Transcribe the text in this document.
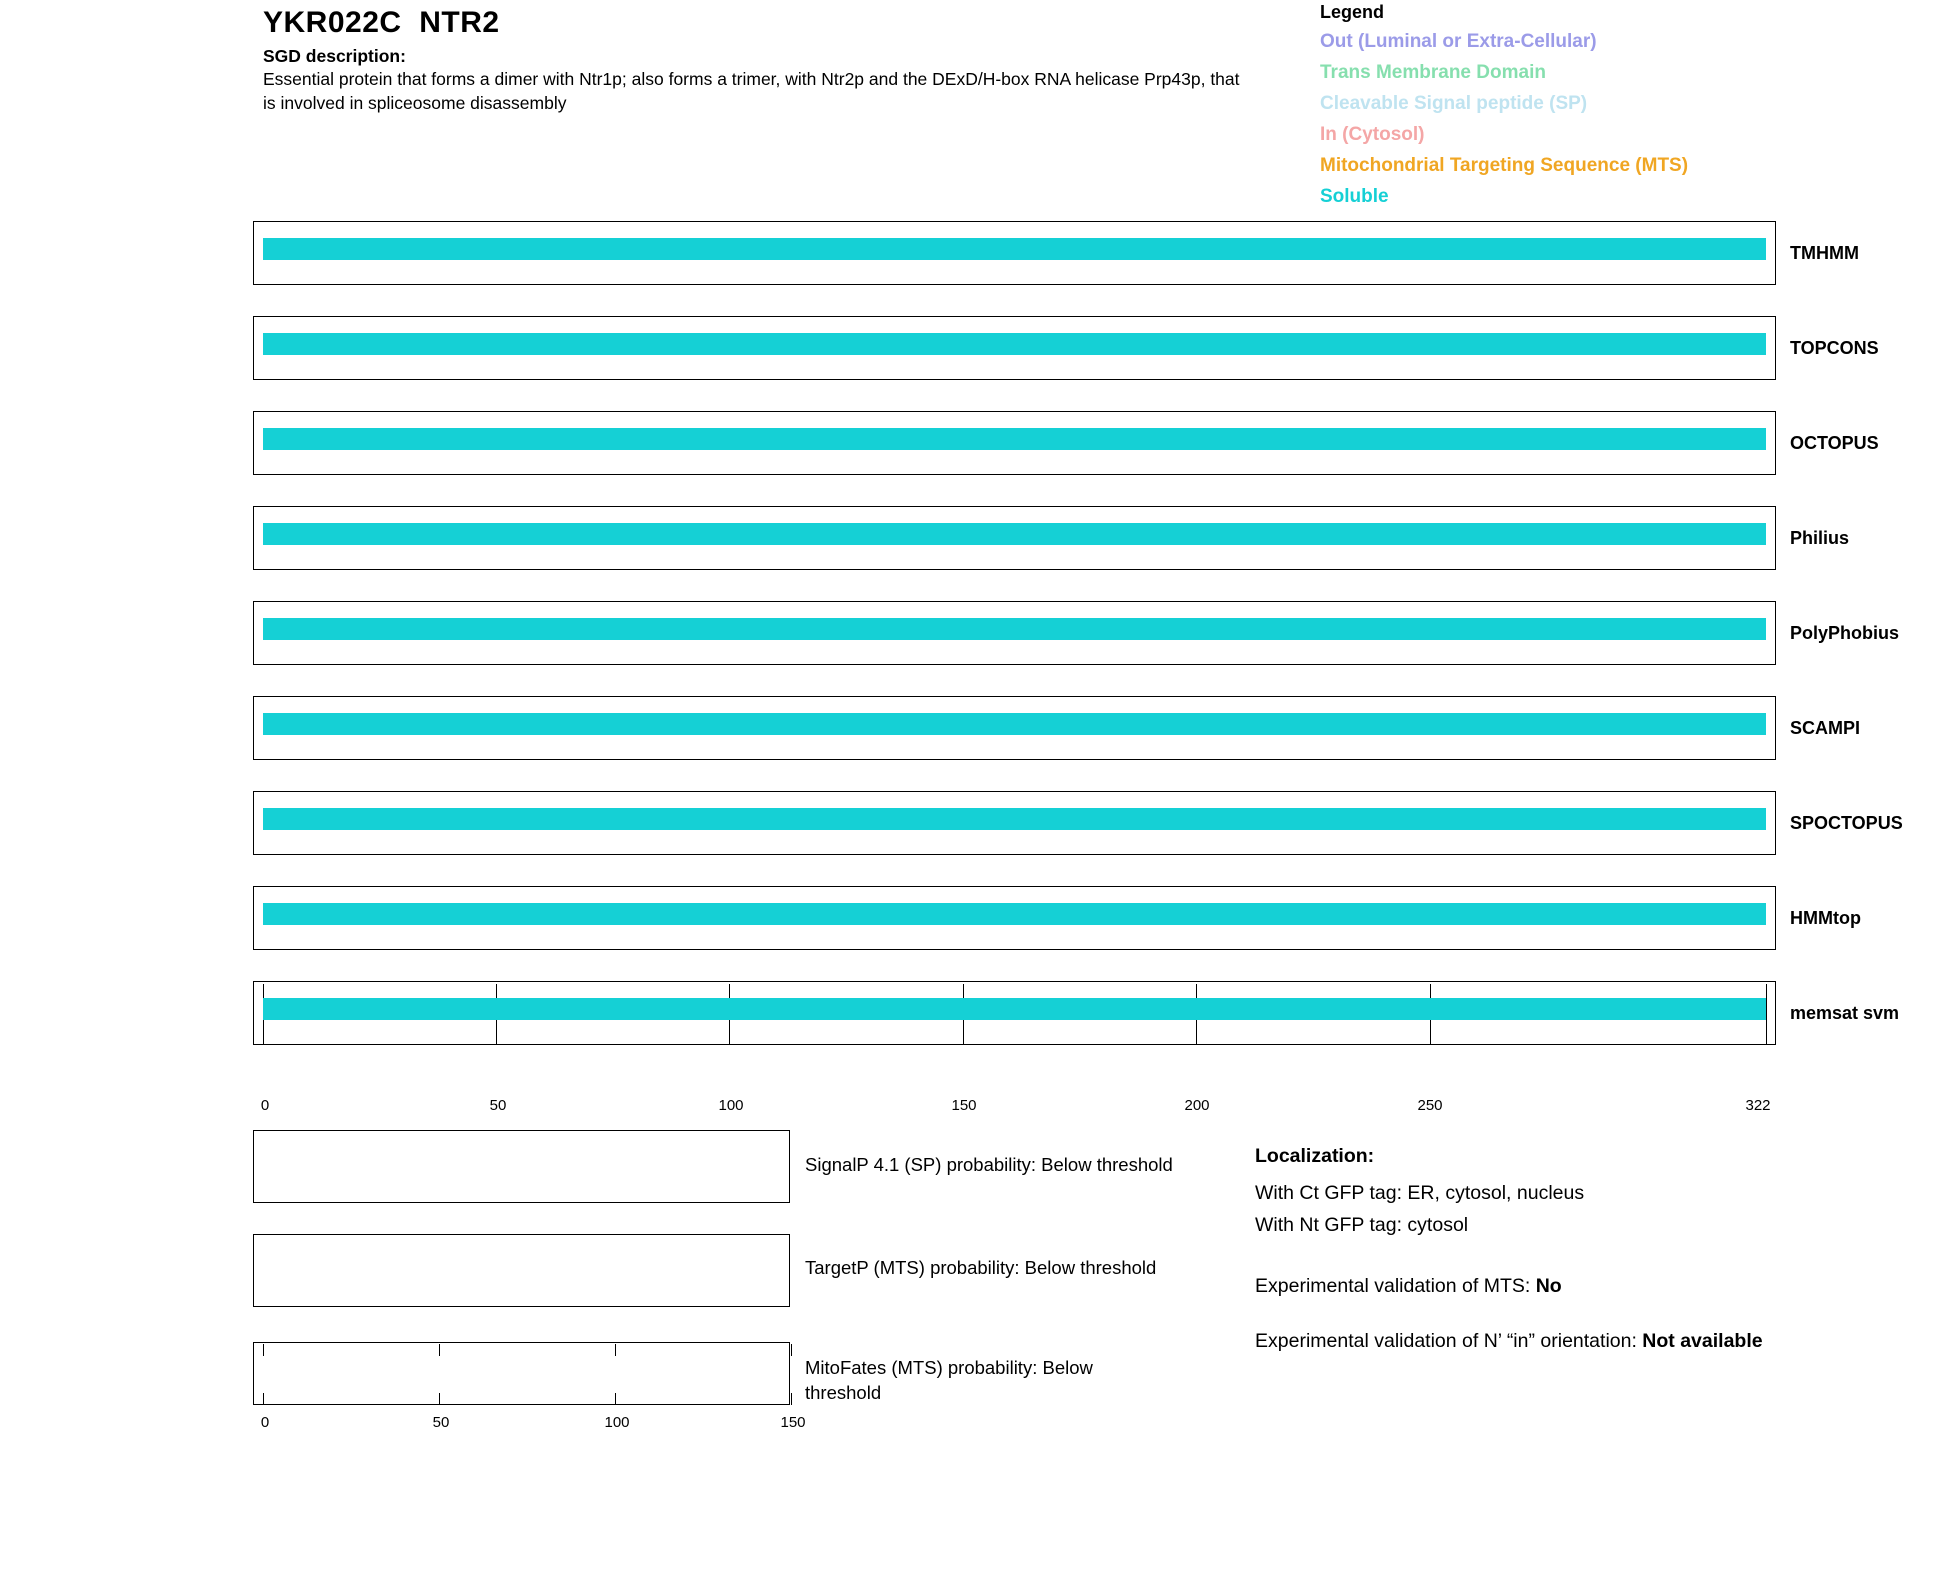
YKR022C  NTR2
SGD description:
Essential protein that forms a dimer with Ntr1p; also forms a trimer, with Ntr2p and the DExD/H-box RNA helicase Prp43p, that is involved in spliceosome disassembly
Legend
Out (Luminal or Extra-Cellular)
Trans Membrane Domain
Cleavable Signal peptide (SP)
In (Cytosol)
Mitochondrial Targeting Sequence (MTS)
Soluble
TMHMM
TOPCONS
OCTOPUS
Philius
PolyPhobius
SCAMPI
SPOCTOPUS
HMMtop
memsat svm
0	50	100	150	200	250	322
SignalP 4.1 (SP) probability: Below threshold
TargetP (MTS) probability: Below threshold
MitoFates (MTS) probability: Below threshold
0	50	100	150
Localization:
With Ct GFP tag: ER, cytosol, nucleus
With Nt GFP tag: cytosol
Experimental validation of MTS: No
Experimental validation of N’ “in” orientation: Not available
